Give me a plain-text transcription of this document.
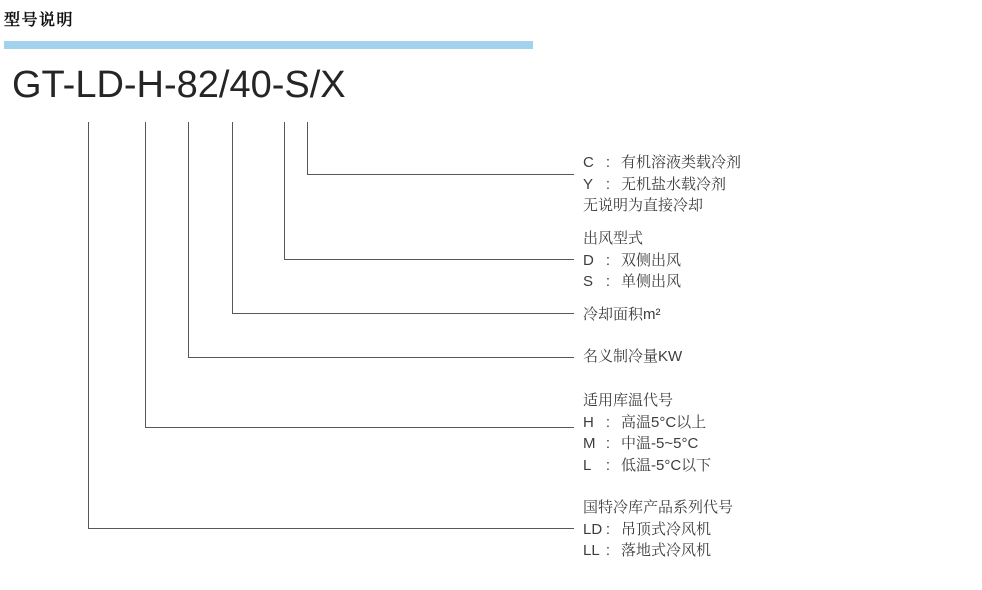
型号说明
GT-LD-H-82/40-S/X
C : 有机溶液类载冷剂
Y : 无机盐水载冷剂
无说明为直接冷却
出风型式
D : 双侧出风
S : 单侧出风
冷却面积m²
名义制冷量KW
适用库温代号
H : 高温5°C以上
M : 中温-5~5°C
L : 低温-5°C以下
国特冷库产品系列代号
LD : 吊顶式冷风机
LL : 落地式冷风机
